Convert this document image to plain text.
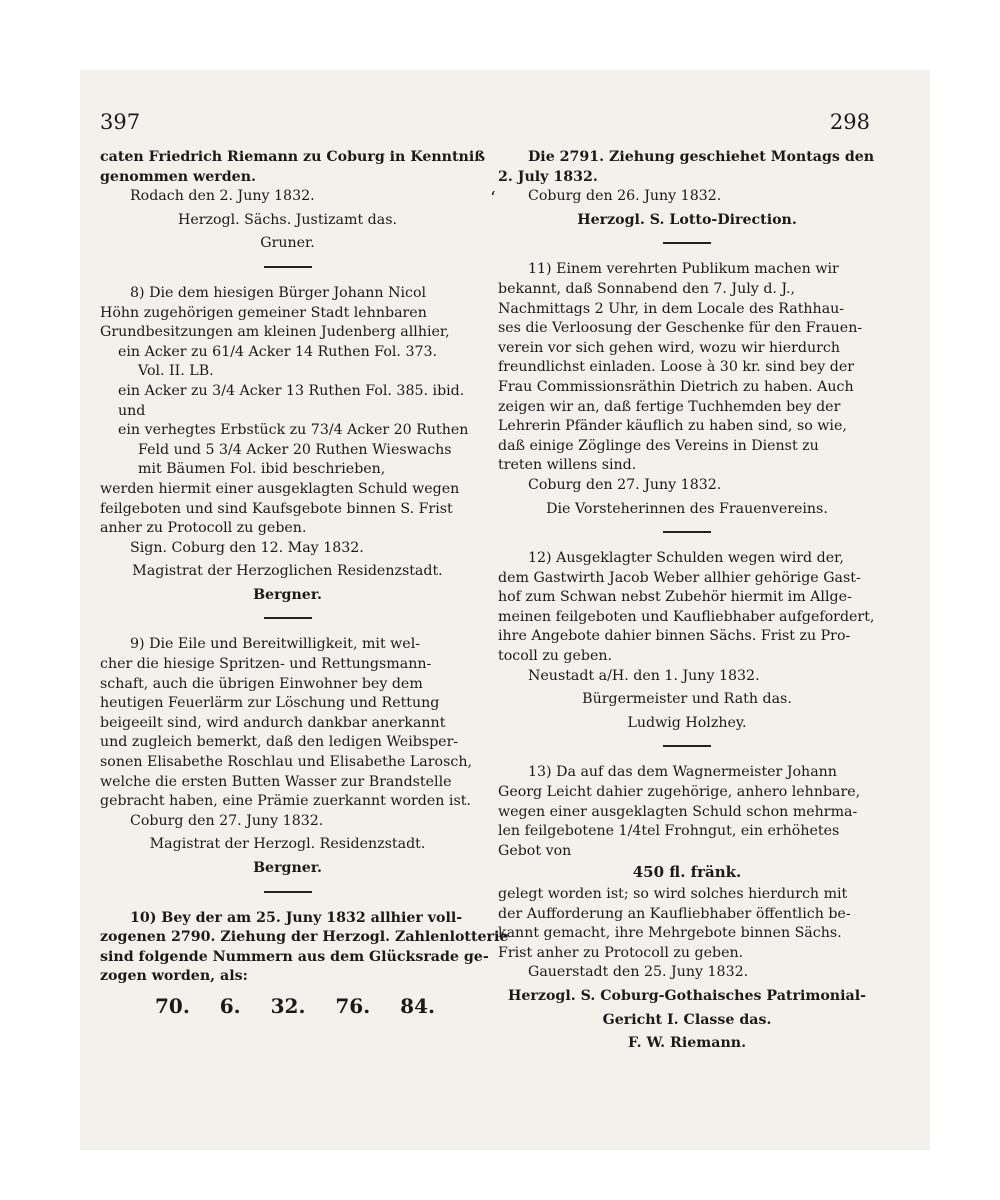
397
‘
298
caten Friedrich Riemann zu Coburg in Kenntniß
genommen werden.
Rodach den 2. Juny 1832.
Herzogl. Sächs. Justizamt das.
Gruner.
8) Die dem hiesigen Bürger Johann Nicol
Höhn zugehörigen gemeiner Stadt lehnbaren
Grundbesitzungen am kleinen Judenberg allhier,
ein Acker zu 61/4 Acker 14 Ruthen Fol. 373.
Vol. II. LB.
ein Acker zu 3/4 Acker 13 Ruthen Fol. 385. ibid.
und
ein verhegtes Erbstück zu 73/4 Acker 20 Ruthen
Feld und 5 3/4 Acker 20 Ruthen Wieswachs
mit Bäumen Fol. ibid beschrieben,
werden hiermit einer ausgeklagten Schuld wegen
feilgeboten und sind Kaufsgebote binnen S. Frist
anher zu Protocoll zu geben.
Sign. Coburg den 12. May 1832.
Magistrat der Herzoglichen Residenzstadt.
Bergner.
9) Die Eile und Bereitwilligkeit, mit wel-
cher die hiesige Spritzen- und Rettungsmann-
schaft, auch die übrigen Einwohner bey dem
heutigen Feuerlärm zur Löschung und Rettung
beigeeilt sind, wird andurch dankbar anerkannt
und zugleich bemerkt, daß den ledigen Weibsper-
sonen Elisabethe Roschlau und Elisabethe Larosch,
welche die ersten Butten Wasser zur Brandstelle
gebracht haben, eine Prämie zuerkannt worden ist.
Coburg den 27. Juny 1832.
Magistrat der Herzogl. Residenzstadt.
Bergner.
10) Bey der am 25. Juny 1832 allhier voll-
zogenen 2790. Ziehung der Herzogl. Zahlenlotterie
sind folgende Nummern aus dem Glücksrade ge-
zogen worden, als:
70. 6. 32. 76. 84.
Die 2791. Ziehung geschiehet Montags den
2. July 1832.
Coburg den 26. Juny 1832.
Herzogl. S. Lotto-Direction.
11) Einem verehrten Publikum machen wir
bekannt, daß Sonnabend den 7. July d. J.,
Nachmittags 2 Uhr, in dem Locale des Rathhau-
ses die Verloosung der Geschenke für den Frauen-
verein vor sich gehen wird, wozu wir hierdurch
freundlichst einladen. Loose à 30 kr. sind bey der
Frau Commissionsräthin Dietrich zu haben. Auch
zeigen wir an, daß fertige Tuchhemden bey der
Lehrerin Pfänder käuflich zu haben sind, so wie,
daß einige Zöglinge des Vereins in Dienst zu
treten willens sind.
Coburg den 27. Juny 1832.
Die Vorsteherinnen des Frauenvereins.
12) Ausgeklagter Schulden wegen wird der,
dem Gastwirth Jacob Weber allhier gehörige Gast-
hof zum Schwan nebst Zubehör hiermit im Allge-
meinen feilgeboten und Kaufliebhaber aufgefordert,
ihre Angebote dahier binnen Sächs. Frist zu Pro-
tocoll zu geben.
Neustadt a/H. den 1. Juny 1832.
Bürgermeister und Rath das.
Ludwig Holzhey.
13) Da auf das dem Wagnermeister Johann
Georg Leicht dahier zugehörige, anhero lehnbare,
wegen einer ausgeklagten Schuld schon mehrma-
len feilgebotene 1/4tel Frohngut, ein erhöhetes
Gebot von
450 fl. fränk.
gelegt worden ist; so wird solches hierdurch mit
der Aufforderung an Kaufliebhaber öffentlich be-
kannt gemacht, ihre Mehrgebote binnen Sächs.
Frist anher zu Protocoll zu geben.
Gauerstadt den 25. Juny 1832.
Herzogl. S. Coburg-Gothaisches Patrimonial-
Gericht I. Classe das.
F. W. Riemann.
